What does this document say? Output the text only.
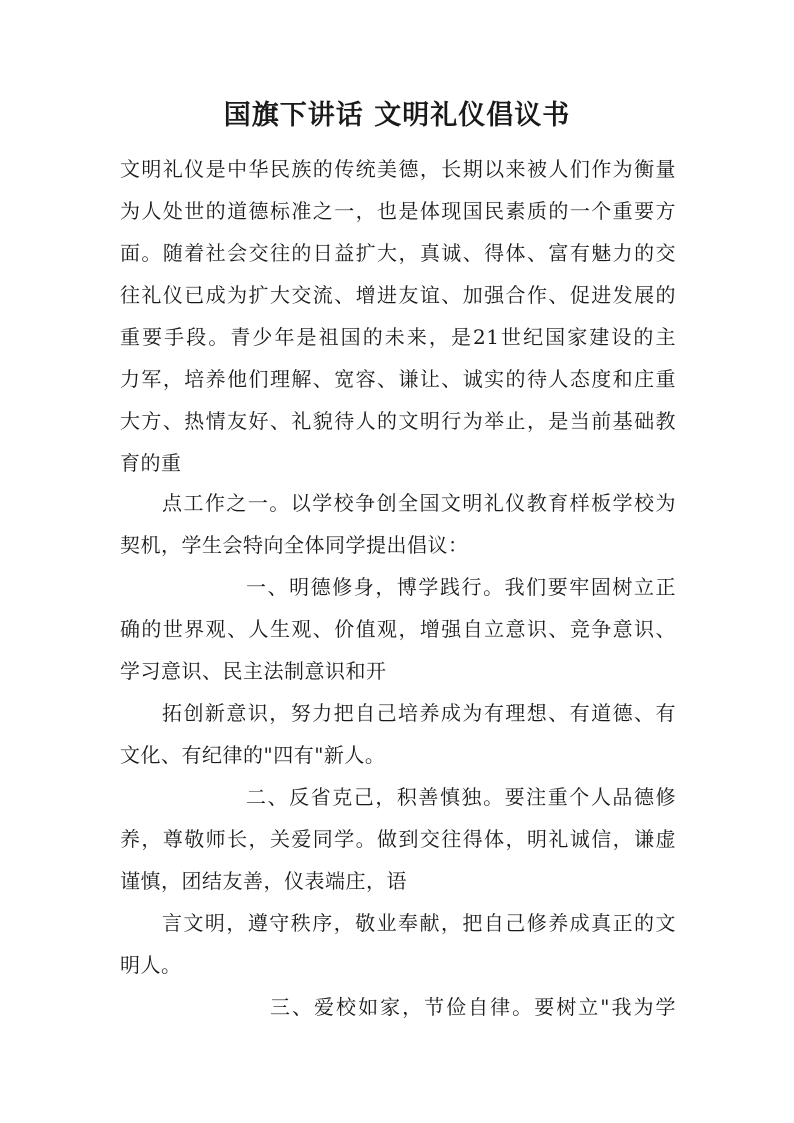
国旗下讲话 文明礼仪倡议书
文明礼仪是中华民族的传统美德，长期以来被人们作为衡量
为人处世的道德标准之一，也是体现国民素质的一个重要方
面。随着社会交往的日益扩大，真诚、得体、富有魅力的交
往礼仪已成为扩大交流、增进友谊、加强合作、促进发展的
重要手段。青少年是祖国的未来，是21世纪国家建设的主
力军，培养他们理解、宽容、谦让、诚实的待人态度和庄重
大方、热情友好、礼貌待人的文明行为举止，是当前基础教
育的重
点工作之一。以学校争创全国文明礼仪教育样板学校为
契机，学生会特向全体同学提出倡议：
一、明德修身，博学践行。我们要牢固树立正
确的世界观、人生观、价值观，增强自立意识、竞争意识、
学习意识、民主法制意识和开
拓创新意识，努力把自己培养成为有理想、有道德、有
文化、有纪律的"四有"新人。
二、反省克己，积善慎独。要注重个人品德修
养，尊敬师长，关爱同学。做到交往得体，明礼诚信，谦虚
谨慎，团结友善，仪表端庄，语
言文明，遵守秩序，敬业奉献，把自己修养成真正的文
明人。
三、爱校如家，节俭自律。要树立"我为学
